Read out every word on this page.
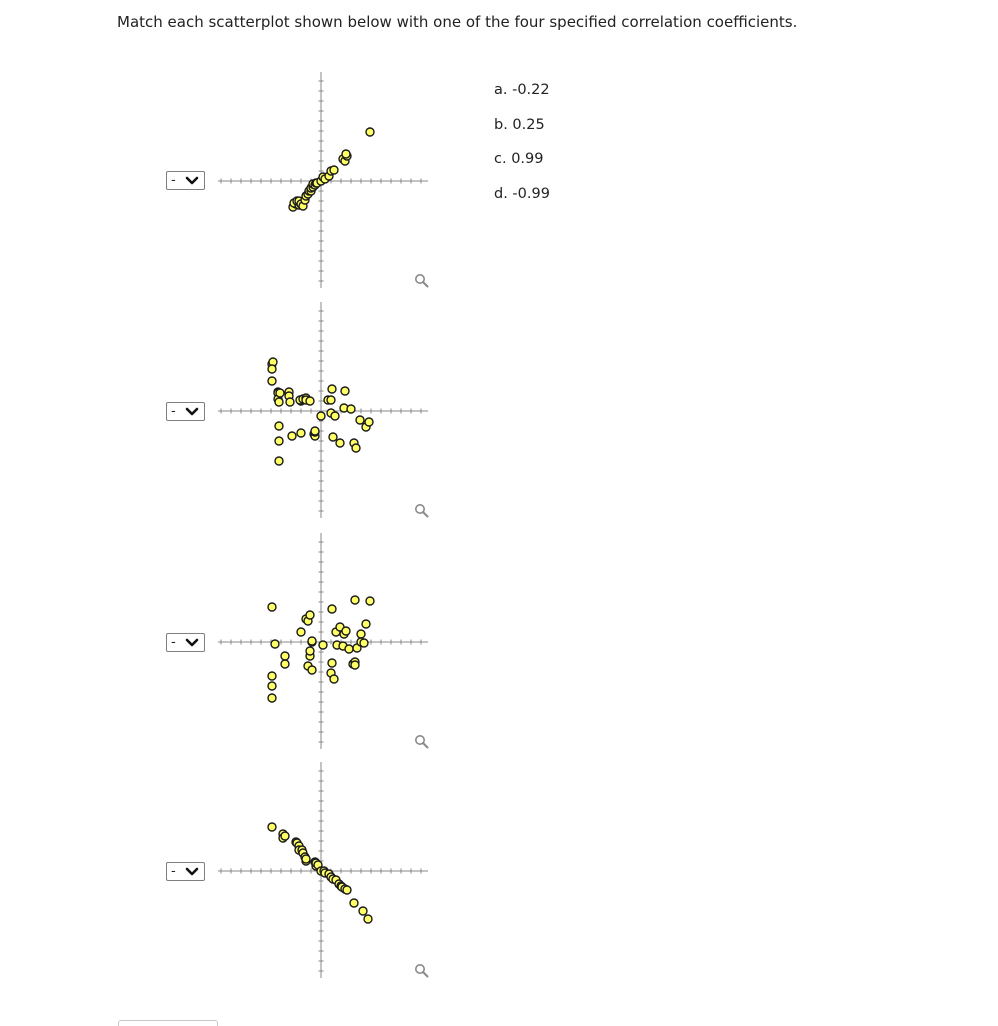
Match each scatterplot shown below with one of the four specified correlation coefficients.
a. -0.22
b. 0.25
c. 0.99
d. -0.99
-
-
-
-
